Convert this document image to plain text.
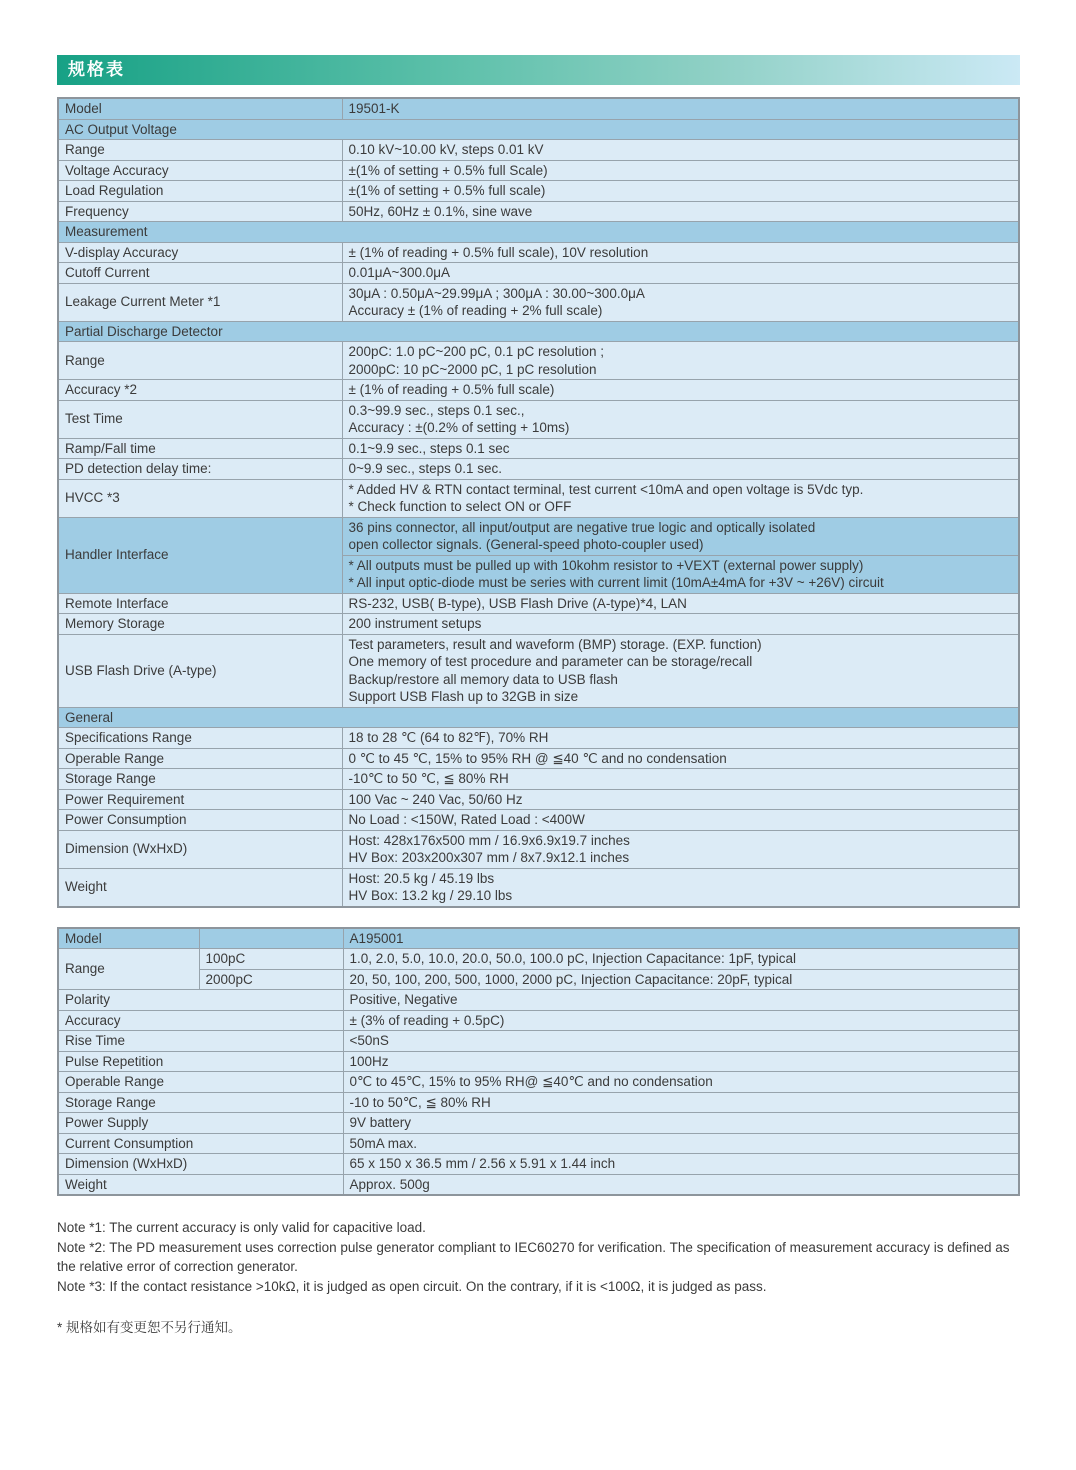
规格表
Model	19501-K

AC Output Voltage	

Range	0.10 kV~10.00 kV, steps 0.01 kV

Voltage Accuracy	±(1% of setting + 0.5% full Scale)

Load Regulation	±(1% of setting + 0.5% full scale)

Frequency	50Hz, 60Hz ± 0.1%, sine wave

Measurement	

V-display Accuracy	± (1% of reading + 0.5% full scale), 10V resolution

Cutoff Current	0.01μA~300.0μA

Leakage Current Meter *1	30μA : 0.50μA~29.99μA ; 300μA : 30.00~300.0μA
Accuracy ± (1% of reading + 2% full scale)

Partial Discharge Detector	

Range	200pC: 1.0 pC~200 pC, 0.1 pC resolution ;
2000pC: 10 pC~2000 pC, 1 pC resolution

Accuracy *2	± (1% of reading + 0.5% full scale)

Test Time	0.3~99.9 sec., steps 0.1 sec.,
Accuracy : ±(0.2% of setting + 10ms)

Ramp/Fall time	0.1~9.9 sec., steps 0.1 sec

PD detection delay time:	0~9.9 sec., steps 0.1 sec.

HVCC *3	* Added HV & RTN contact terminal, test current <10mA and open voltage is 5Vdc typ.
* Check function to select ON or OFF

Handler Interface	36 pins connector, all input/output are negative true logic and optically isolated
open collector signals. (General-speed photo-coupler used)

	* All outputs must be pulled up with 10kohm resistor to +VEXT (external power supply)
* All input optic-diode must be series with current limit (10mA±4mA for +3V ~ +26V) circuit

Remote Interface	RS-232, USB( B-type), USB Flash Drive (A-type)*4, LAN

Memory Storage	200 instrument setups

USB Flash Drive (A-type)	Test parameters, result and waveform (BMP) storage. (EXP. function)
One memory of test procedure and parameter can be storage/recall
Backup/restore all memory data to USB flash
Support USB Flash up to 32GB in size

General	

Specifications Range	18 to 28 ℃ (64 to 82℉), 70% RH

Operable Range	0 ℃ to 45 ℃, 15% to 95% RH @ ≦40 ℃ and no condensation

Storage Range	-10℃ to 50 ℃, ≦ 80% RH

Power Requirement	100 Vac ~ 240 Vac, 50/60 Hz

Power Consumption	No Load : <150W, Rated Load : <400W

Dimension (WxHxD)	Host: 428x176x500 mm / 16.9x6.9x19.7 inches
HV Box: 203x200x307 mm / 8x7.9x12.1 inches

Weight	Host: 20.5 kg / 45.19 lbs
HV Box: 13.2 kg / 29.10 lbs
Model		A195001

Range	100pC	1.0, 2.0, 5.0, 10.0, 20.0, 50.0, 100.0 pC, Injection Capacitance: 1pF, typical

	2000pC	20, 50, 100, 200, 500, 1000, 2000 pC, Injection Capacitance: 20pF, typical

Polarity		Positive, Negative

Accuracy		± (3% of reading + 0.5pC)

Rise Time		<50nS

Pulse Repetition		100Hz

Operable Range		0℃ to 45℃, 15% to 95% RH@ ≦40℃ and no condensation

Storage Range		-10 to 50℃, ≦ 80% RH

Power Supply		9V battery

Current Consumption		50mA max.

Dimension (WxHxD)		65 x 150 x 36.5 mm / 2.56 x 5.91 x 1.44 inch

Weight		Approx. 500g

Note *1: The current accuracy is only valid for capacitive load.

Note *2: The PD measurement uses correction pulse generator compliant to IEC60270 for verification. The specification of measurement accuracy is defined as the relative error of correction generator.

Note *3: If the contact resistance >10kΩ, it is judged as open circuit. On the contrary, if it is <100Ω, it is judged as pass.

* 规格如有变更恕不另行通知。
